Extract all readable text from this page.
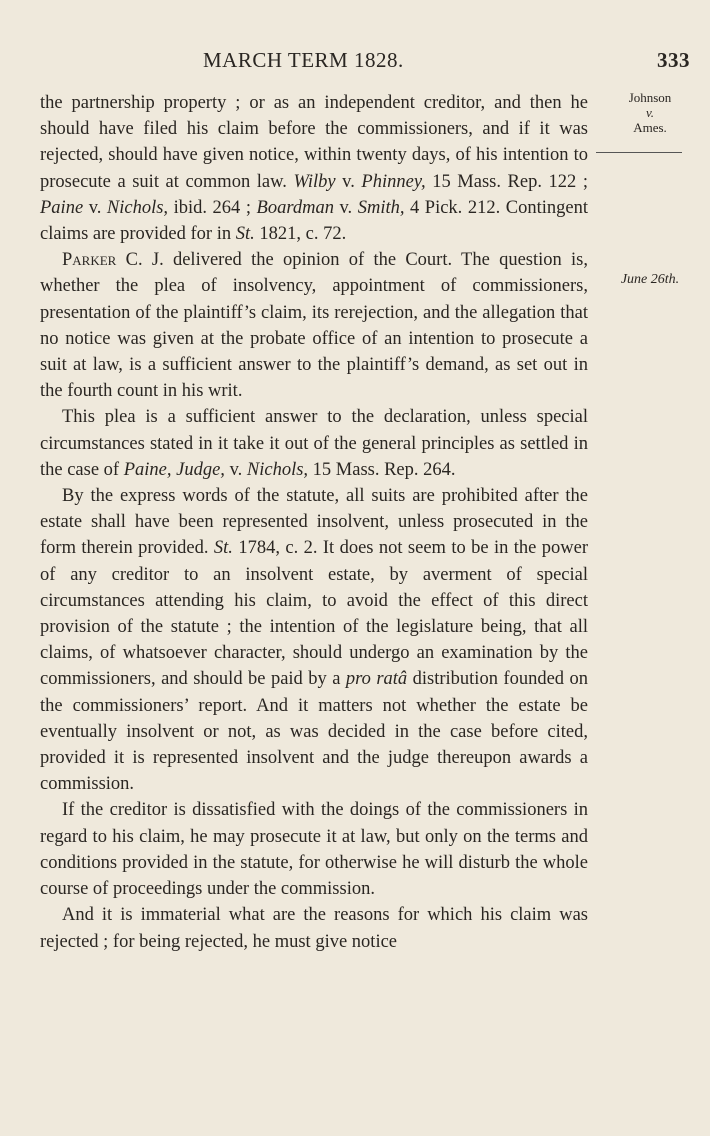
MARCH TERM 1828.	333
Johnson
v.
Ames.
June 26th.

the partnership property ; or as an independent creditor, and then he should have filed his claim before the commissioners, and if it was rejected, should have given notice, within twenty days, of his intention to prosecute a suit at common law. Wilby v. Phinney, 15 Mass. Rep. 122 ; Paine v. Nichols, ibid. 264 ; Boardman v. Smith, 4 Pick. 212. Contingent claims are provided for in St. 1821, c. 72.

Parker C. J. delivered the opinion of the Court. The question is, whether the plea of insolvency, appointment of commissioners, presentation of the plaintiff’s claim, its rerejection, and the allegation that no notice was given at the probate office of an intention to prosecute a suit at law, is a sufficient answer to the plaintiff’s demand, as set out in the fourth count in his writ.

This plea is a sufficient answer to the declaration, unless special circumstances stated in it take it out of the general principles as settled in the case of Paine, Judge, v. Nichols, 15 Mass. Rep. 264.

By the express words of the statute, all suits are prohibited after the estate shall have been represented insolvent, unless prosecuted in the form therein provided. St. 1784, c. 2. It does not seem to be in the power of any creditor to an insolvent estate, by averment of special circumstances attending his claim, to avoid the effect of this direct provision of the statute ; the intention of the legislature being, that all claims, of whatsoever character, should undergo an examination by the commissioners, and should be paid by a pro ratâ distribution founded on the commissioners’ report. And it matters not whether the estate be eventually insolvent or not, as was decided in the case before cited, provided it is represented insolvent and the judge thereupon awards a commission.

If the creditor is dissatisfied with the doings of the commissioners in regard to his claim, he may prosecute it at law, but only on the terms and conditions provided in the statute, for otherwise he will disturb the whole course of proceedings under the commission.

And it is immaterial what are the reasons for which his claim was rejected ; for being rejected, he must give notice
